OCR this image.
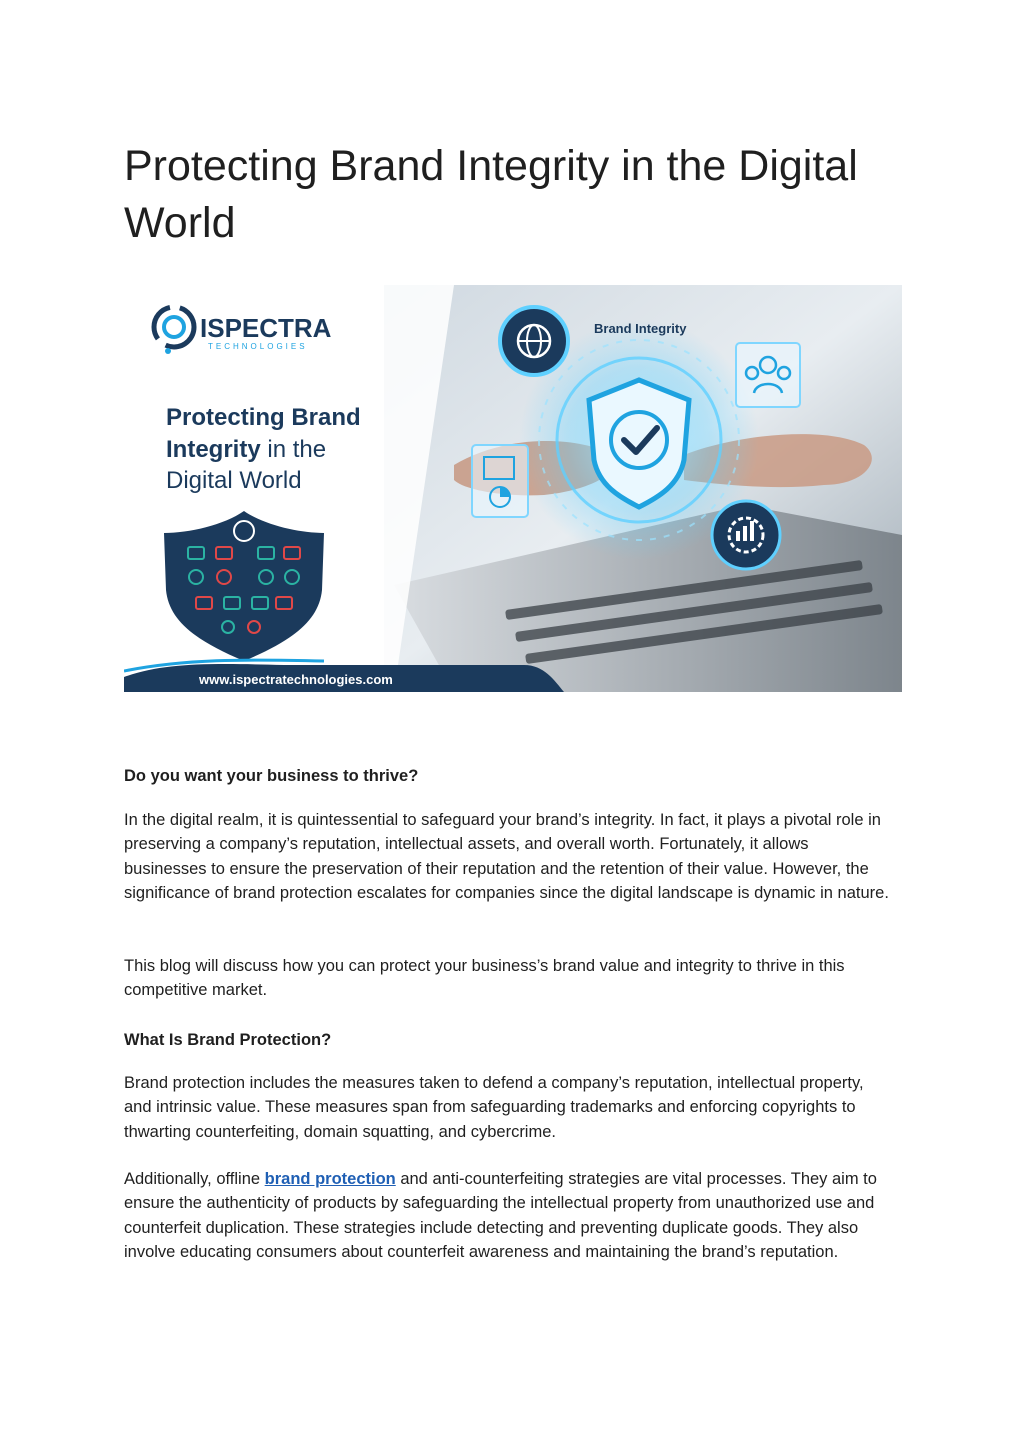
Protecting Brand Integrity in the Digital World
Brand Integrity
ISPECTRA
TECHNOLOGIES
Protecting Brand
Integrity in the
Digital World
www.ispectratechnologies.com

Do you want your business to thrive?

In the digital realm, it is quintessential to safeguard your brand’s integrity. In fact, it plays a pivotal role in preserving a company’s reputation, intellectual assets, and overall worth. Fortunately, it allows businesses to ensure the preservation of their reputation and the retention of their value. However, the significance of brand protection escalates for companies since the digital landscape is dynamic in nature.

This blog will discuss how you can protect your business’s brand value and integrity to thrive in this competitive market.

What Is Brand Protection?

Brand protection includes the measures taken to defend a company’s reputation, intellectual property, and intrinsic value. These measures span from safeguarding trademarks and enforcing copyrights to thwarting counterfeiting, domain squatting, and cybercrime.

Additionally, offline brand protection and anti-counterfeiting strategies are vital processes. They aim to ensure the authenticity of products by safeguarding the intellectual property from unauthorized use and counterfeit duplication. These strategies include detecting and preventing duplicate goods. They also involve educating consumers about counterfeit awareness and maintaining the brand’s reputation.
